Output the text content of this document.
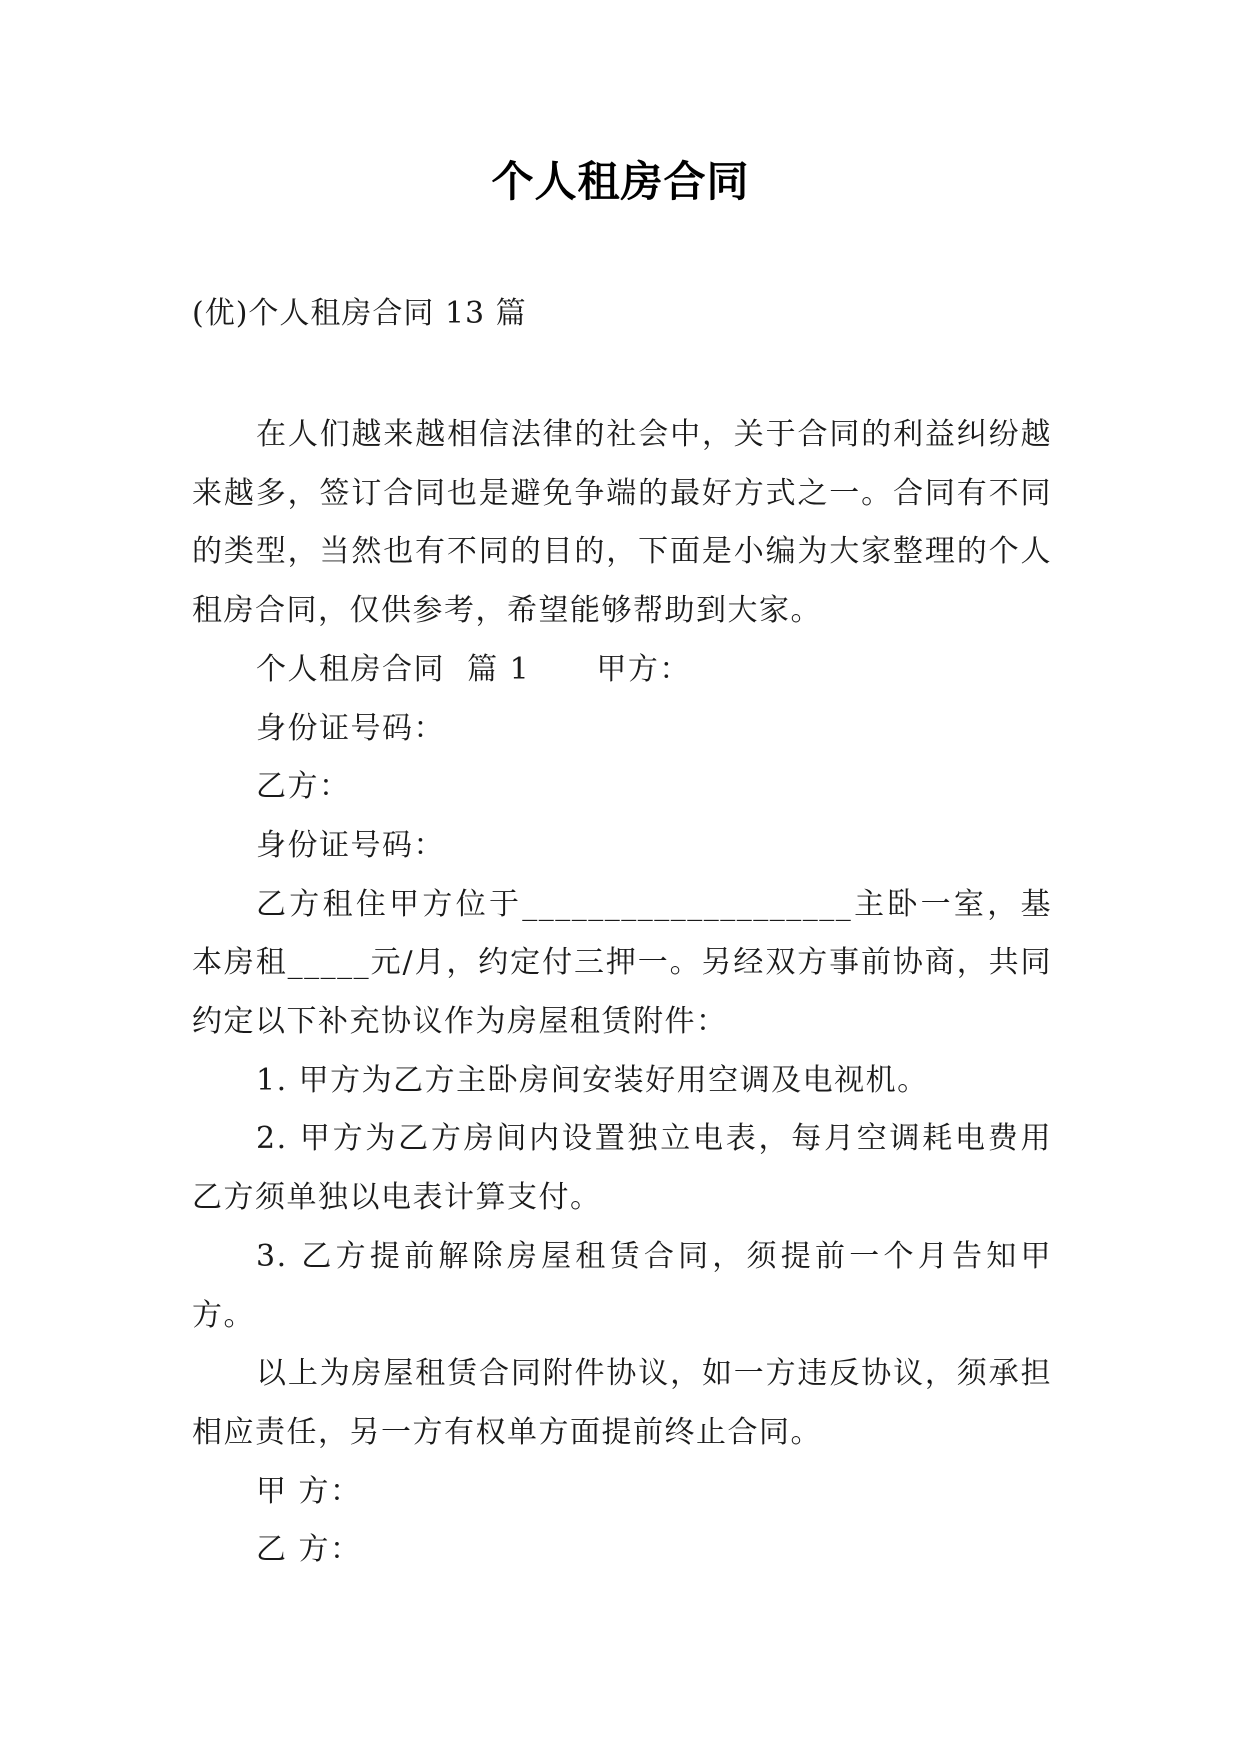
个人租房合同
(优)个人租房合同 13 篇

在人们越来越相信法律的社会中，关于合同的利益纠纷越来越多，签订合同也是避免争端的最好方式之一。合同有不同的类型，当然也有不同的目的，下面是小编为大家整理的个人租房合同，仅供参考，希望能够帮助到大家。

个人租房合同  篇 1      甲方：
身份证号码：
乙方：
身份证号码：

乙方租住甲方位于____________________主卧一室，基本房租_____元/月，约定付三押一。另经双方事前协商，共同约定以下补充协议作为房屋租赁附件：

1. 甲方为乙方主卧房间安装好用空调及电视机。

2. 甲方为乙方房间内设置独立电表，每月空调耗电费用乙方须单独以电表计算支付。

3. 乙方提前解除房屋租赁合同，须提前一个月告知甲方。

以上为房屋租赁合同附件协议，如一方违反协议，须承担相应责任，另一方有权单方面提前终止合同。

甲 方：
乙 方：
